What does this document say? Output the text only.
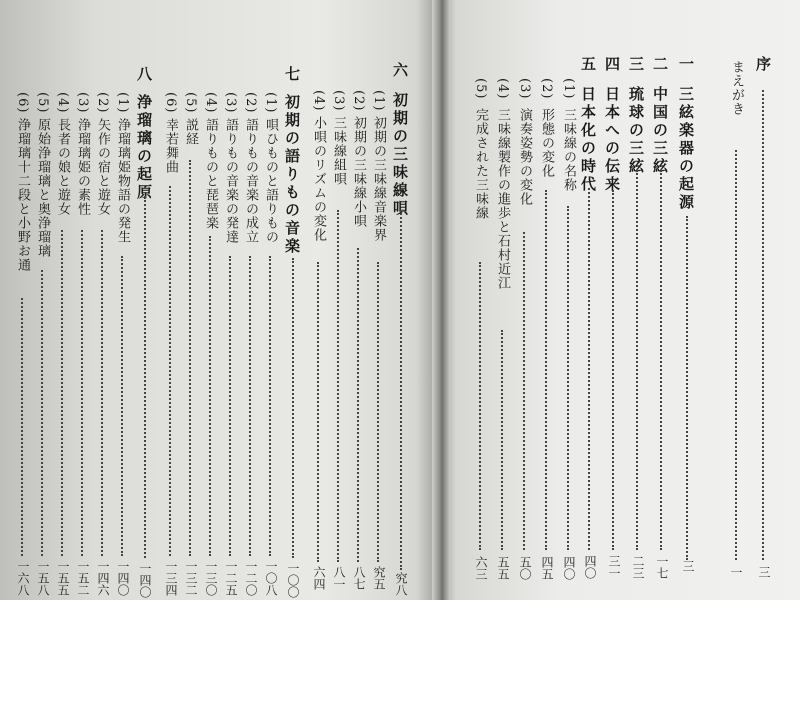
序
三
まえがき
一
一
三絃楽器の起源
三
二
中国の三絃
一七
三
琉球の三絃
二三
四
日本への伝来
三一
五
日本化の時代
四〇
(1)
三味線の名称
四〇
(2)
形態の変化
四五
(3)
演奏姿勢の変化
五〇
(4)
三味線製作の進歩と石村近江
五五
(5)
完成された三味線
六三
六
初期の三味線唄
究八
(1)
初期の三味線音楽界
究五
(2)
初期の三味線小唄
八七
(3)
三味線組唄
八一
(4)
小唄のリズムの変化
六四
七
初期の語りもの音楽
一〇〇
(1)
唄ひものと語りもの
一〇八
(2)
語りもの音楽の成立
一二〇
(3)
語りもの音楽の発達
一二五
(4)
語りものと琵琶楽
一三〇
(5)
説経
一三二
(6)
幸若舞曲
一三四
八
浄瑠璃の起原
一四〇
(1)
浄瑠璃姫物語の発生
一四〇
(2)
矢作の宿と遊女
一四六
(3)
浄瑠璃姫の素性
一五二
(4)
長者の娘と遊女
一五五
(5)
原始浄瑠璃と奥浄瑠璃
一五八
(6)
浄瑠璃十二段と小野お通
一六八
